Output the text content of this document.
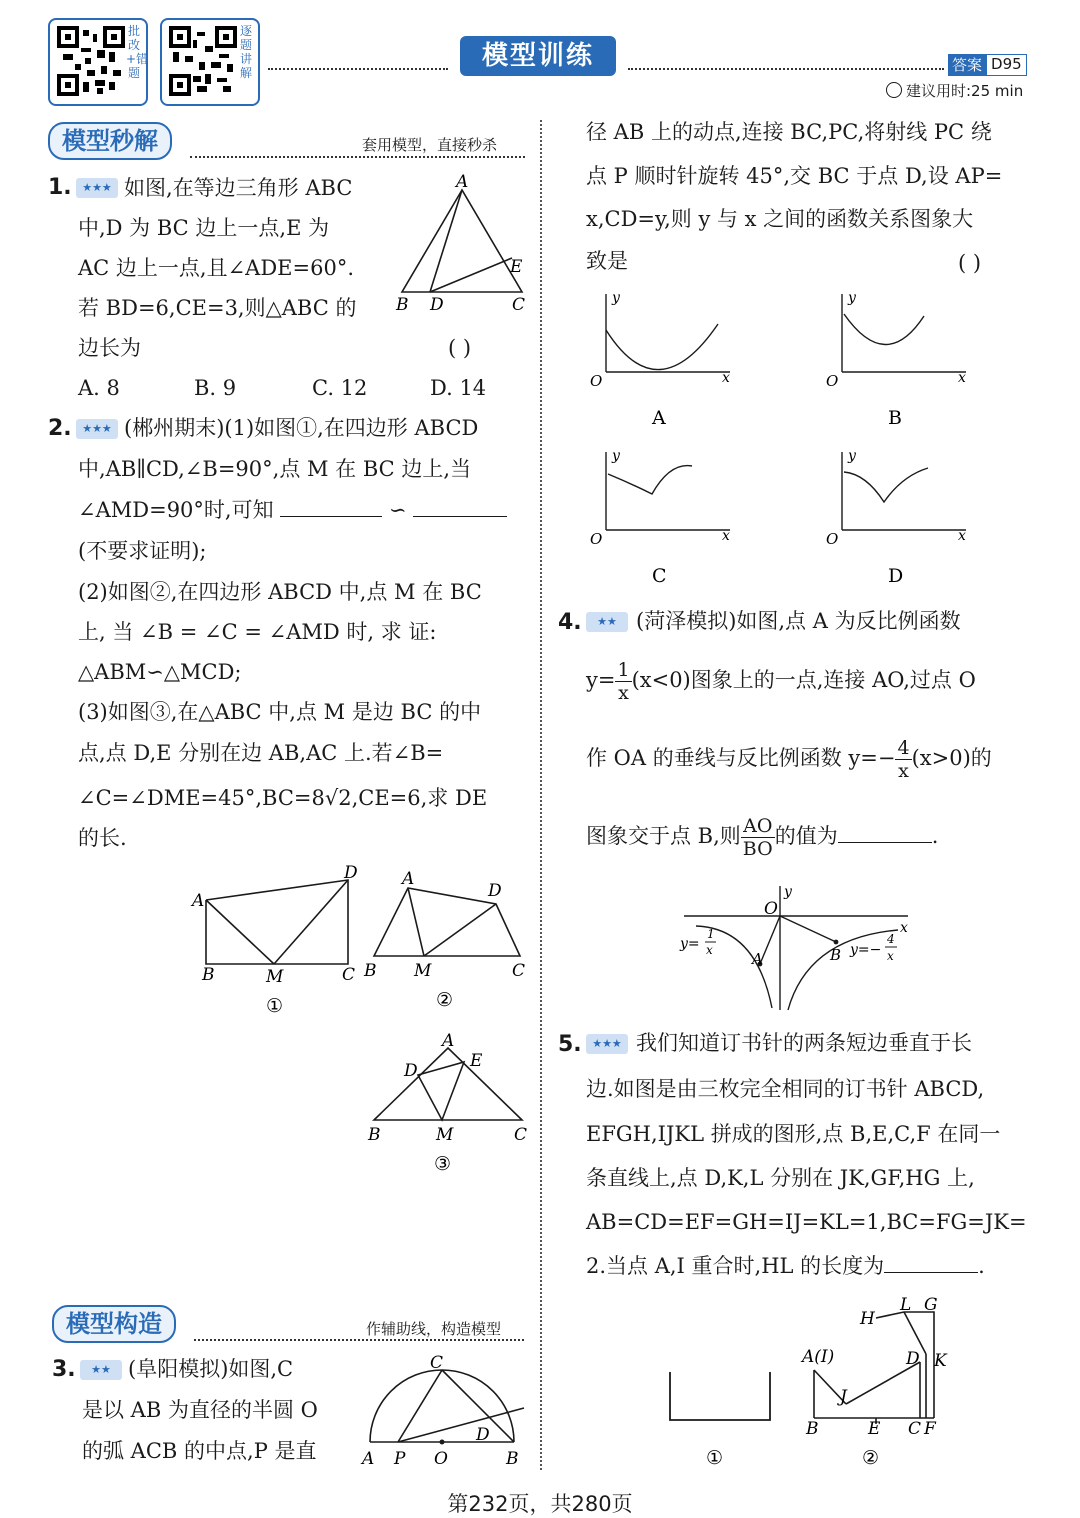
批改+错题
逐题讲解
模型训练	答案 D95
建议用时:25 min
模型秒解	套用模型，直接秒杀
1. ★★★ 如图,在等边三角形 ABC
中,D 为 BC 边上一点,E 为
AC 边上一点,且∠ADE=60°.
若 BD=6,CE=3,则△ABC 的
边长为	( )
A. 8	B. 9	C. 12	D. 14
A
B D	C
E
2. ★★★ (郴州期末)(1)如图①,在四边形 ABCD
中,AB∥CD,∠B=90°,点 M 在 BC 边上,当
∠AMD=90°时,可知	∽
(不要求证明);
(2)如图②,在四边形 ABCD 中,点 M 在 BC
上, 当 ∠B = ∠C = ∠AMD 时, 求 证:
△ABM∽△MCD;
(3)如图③,在△ABC 中,点 M 是边 BC 的中
点,点 D,E 分别在边 AB,AC 上.若∠B=
∠C=∠DME=45°,BC=8√2,CE=6,求 DE
的长.
A
D
B	M	C
①
A
D
B M	C
②
A
D	E
B	M	C
③
模型构造	作辅助线，构造模型
3.	★★ (阜阳模拟)如图,C
是以 AB 为直径的半圆 O
的弧 ACB 的中点,P 是直
C
D
A P O	B
径 AB 上的动点,连接 BC,PC,将射线 PC 绕
点 P 顺时针旋转 45°,交 BC 于点 D,设 AP=
x,CD=y,则 y 与 x 之间的函数关系图象大
致是	( )
y
x
O
A
y
x
O
B
y
x
O
C
y
x
O
D
4.	★★ (菏泽模拟)如图,点 A 为反比例函数
$y= \frac{1}{x} (x<0)$图象上的一点,连接 AO,过点 O
作 OA 的垂线与反比例函数 $y=- \frac{4}{x} (x>0)$的
图象交于点 B,则 $\frac{AO}{BO}$ 的值为	.
O
y
x
A	B
y=
1
x	y=−
4
x
5. ★★★ 我们知道订书针的两条短边垂直于长
边.如图是由三枚完全相同的订书针 ABCD,
EFGH,IJKL 拼成的图形,点 B,E,C,F 在同一
条直线上,点 D,K,L 分别在 JK,GF,HG 上,
AB=CD=EF=GH=IJ=KL=1,BC=FG=JK=
2.当点 A,I 重合时,HL 的长度为	.
①
H
L G
A(I)	D K
J
B	E C F
②
第232页，共280页
